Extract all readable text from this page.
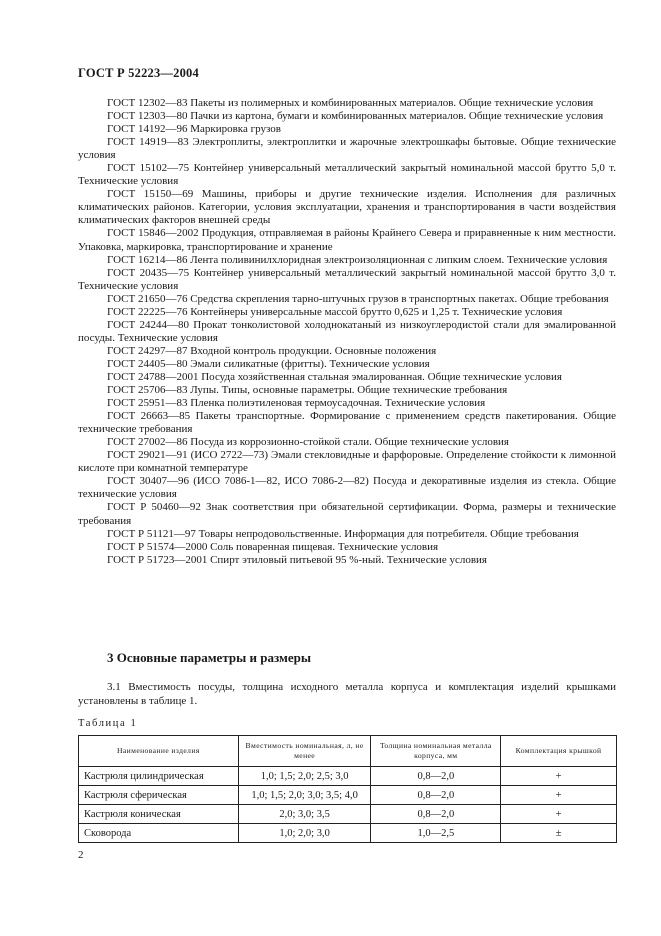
ГОСТ Р 52223—2004
ГОСТ 12302—83 Пакеты из полимерных и комбинированных материалов. Общие технические условия
ГОСТ 12303—80 Пачки из картона, бумаги и комбинированных материалов. Общие технические условия
ГОСТ 14192—96 Маркировка грузов
ГОСТ 14919—83 Электроплиты, электроплитки и жарочные электрошкафы бытовые. Общие технические условия
ГОСТ 15102—75 Контейнер универсальный металлический закрытый номинальной массой брутто 5,0 т. Технические условия
ГОСТ 15150—69 Машины, приборы и другие технические изделия. Исполнения для различных климатических районов. Категории, условия эксплуатации, хранения и транспортирования в части воздействия климатических факторов внешней среды
ГОСТ 15846—2002 Продукция, отправляемая в районы Крайнего Севера и приравненные к ним местности. Упаковка, маркировка, транспортирование и хранение
ГОСТ 16214—86 Лента поливинилхлоридная электроизоляционная с липким слоем. Технические условия
ГОСТ 20435—75 Контейнер универсальный металлический закрытый номинальной массой брутто 3,0 т. Технические условия
ГОСТ 21650—76 Средства скрепления тарно-штучных грузов в транспортных пакетах. Общие требования
ГОСТ 22225—76 Контейнеры универсальные массой брутто 0,625 и 1,25 т. Технические условия
ГОСТ 24244—80 Прокат тонколистовой холоднокатаный из низкоуглеродистой стали для эмалированной посуды. Технические условия
ГОСТ 24297—87 Входной контроль продукции. Основные положения
ГОСТ 24405—80 Эмали силикатные (фритты). Технические условия
ГОСТ 24788—2001 Посуда хозяйственная стальная эмалированная. Общие технические условия
ГОСТ 25706—83 Лупы. Типы, основные параметры. Общие технические требования
ГОСТ 25951—83 Пленка полиэтиленовая термоусадочная. Технические условия
ГОСТ 26663—85 Пакеты транспортные. Формирование с применением средств пакетирования. Общие технические требования
ГОСТ 27002—86 Посуда из коррозионно-стойкой стали. Общие технические условия
ГОСТ 29021—91 (ИСО 2722—73) Эмали стекловидные и фарфоровые. Определение стойкости к лимонной кислоте при комнатной температуре
ГОСТ 30407—96 (ИСО 7086-1—82, ИСО 7086-2—82) Посуда и декоративные изделия из стекла. Общие технические условия
ГОСТ Р 50460—92 Знак соответствия при обязательной сертификации. Форма, размеры и технические требования
ГОСТ Р 51121—97 Товары непродовольственные. Информация для потребителя. Общие требования
ГОСТ Р 51574—2000 Соль поваренная пищевая. Технические условия
ГОСТ Р 51723—2001 Спирт этиловый питьевой 95 %-ный. Технические условия
3 Основные параметры и размеры
3.1 Вместимость посуды, толщина исходного металла корпуса и комплектация изделий крышками установлены в таблице 1.
Таблица 1
Наименование изделия	Вместимость номинальная, л, не менее	Толщина номинальная металла корпуса, мм	Комплектация крышкой
Кастрюля цилиндрическая	1,0; 1,5; 2,0; 2,5; 3,0	0,8—2,0	+
Кастрюля сферическая	1,0; 1,5; 2,0; 3,0; 3,5; 4,0	0,8—2,0	+
Кастрюля коническая	2,0; 3,0; 3,5	0,8—2,0	+
Сковорода	1,0; 2,0; 3,0	1,0—2,5	±
2
